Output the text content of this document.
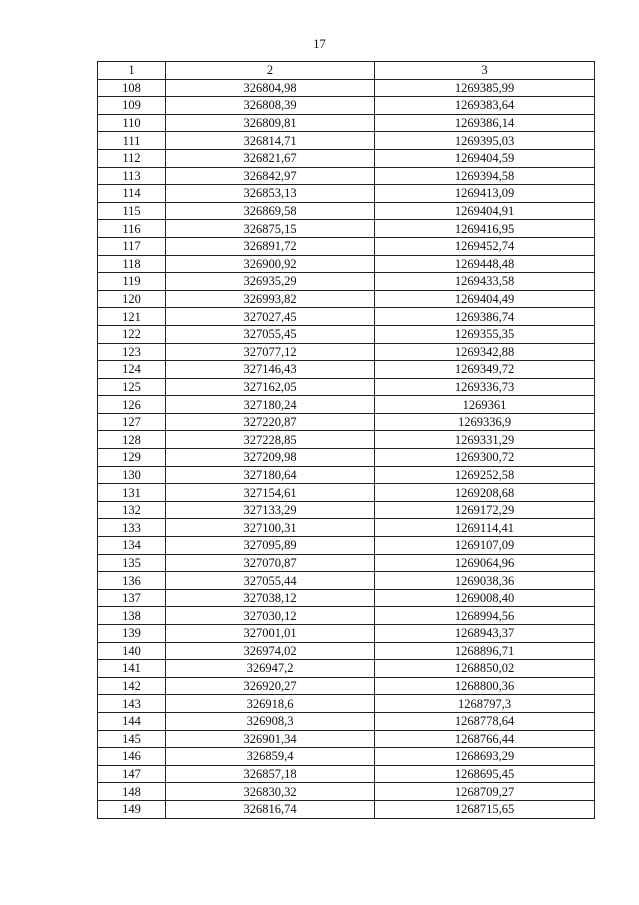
17
1	2	3
108	326804,98	1269385,99
109	326808,39	1269383,64
110	326809,81	1269386,14
111	326814,71	1269395,03
112	326821,67	1269404,59
113	326842,97	1269394,58
114	326853,13	1269413,09
115	326869,58	1269404,91
116	326875,15	1269416,95
117	326891,72	1269452,74
118	326900,92	1269448,48
119	326935,29	1269433,58
120	326993,82	1269404,49
121	327027,45	1269386,74
122	327055,45	1269355,35
123	327077,12	1269342,88
124	327146,43	1269349,72
125	327162,05	1269336,73
126	327180,24	1269361
127	327220,87	1269336,9
128	327228,85	1269331,29
129	327209,98	1269300,72
130	327180,64	1269252,58
131	327154,61	1269208,68
132	327133,29	1269172,29
133	327100,31	1269114,41
134	327095,89	1269107,09
135	327070,87	1269064,96
136	327055,44	1269038,36
137	327038,12	1269008,40
138	327030,12	1268994,56
139	327001,01	1268943,37
140	326974,02	1268896,71
141	326947,2	1268850,02
142	326920,27	1268800,36
143	326918,6	1268797,3
144	326908,3	1268778,64
145	326901,34	1268766,44
146	326859,4	1268693,29
147	326857,18	1268695,45
148	326830,32	1268709,27
149	326816,74	1268715,65
